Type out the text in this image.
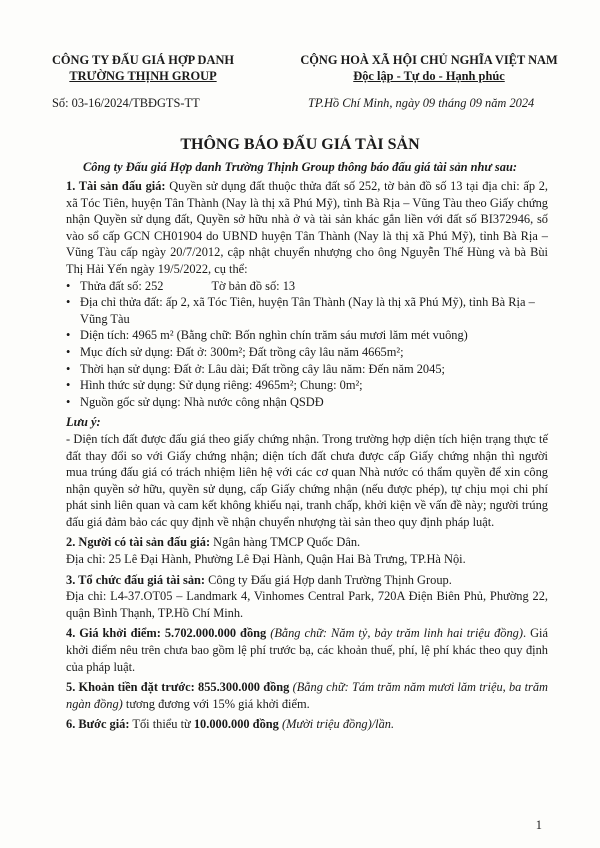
CÔNG TY ĐẤU GIÁ HỢP DANH
TRƯỜNG THỊNH GROUP
CỘNG HOÀ XÃ HỘI CHỦ NGHĨA VIỆT NAM
Độc lập - Tự do - Hạnh phúc
Số: 03-16/2024/TBĐGTS-TT	TP.Hồ Chí Minh, ngày 09 tháng 09 năm 2024
THÔNG BÁO ĐẤU GIÁ TÀI SẢN
Công ty Đấu giá Hợp danh Trường Thịnh Group thông báo đấu giá tài sản như sau:

1. Tài sản đấu giá: Quyền sử dụng đất thuộc thửa đất số 252, tờ bản đồ số 13 tại địa chỉ: ấp 2, xã Tóc Tiên, huyện Tân Thành (Nay là thị xã Phú Mỹ), tỉnh Bà Rịa – Vũng Tàu theo Giấy chứng nhận Quyền sử dụng đất, Quyền sở hữu nhà ở và tài sản khác gắn liền với đất số BI372946, số vào sổ cấp GCN CH01904 do UBND huyện Tân Thành (Nay là thị xã Phú Mỹ), tỉnh Bà Rịa – Vũng Tàu cấp ngày 20/7/2012, cập nhật chuyển nhượng cho ông Nguyễn Thế Hùng và bà Bùi Thị Hải Yến ngày 19/5/2022, cụ thể:

• Thửa đất số: 252	Tờ bản đồ số: 13
• Địa chỉ thửa đất: ấp 2, xã Tóc Tiên, huyện Tân Thành (Nay là thị xã Phú Mỹ), tỉnh Bà Rịa – Vũng Tàu
• Diện tích: 4965 m² (Bằng chữ: Bốn nghìn chín trăm sáu mươi lăm mét vuông)
• Mục đích sử dụng: Đất ở: 300m²; Đất trồng cây lâu năm 4665m²;
• Thời hạn sử dụng: Đất ở: Lâu dài; Đất trồng cây lâu năm: Đến năm 2045;
• Hình thức sử dụng: Sử dụng riêng: 4965m²; Chung: 0m²;
• Nguồn gốc sử dụng: Nhà nước công nhận QSDĐ

Lưu ý:

- Diện tích đất được đấu giá theo giấy chứng nhận. Trong trường hợp diện tích hiện trạng thực tế đất thay đổi so với Giấy chứng nhận; diện tích đất chưa được cấp Giấy chứng nhận thì người mua trúng đấu giá có trách nhiệm liên hệ với các cơ quan Nhà nước có thẩm quyền để xin công nhận quyền sở hữu, quyền sử dụng, cấp Giấy chứng nhận (nếu được phép), tự chịu mọi chi phí phát sinh liên quan và cam kết không khiếu nại, tranh chấp, khởi kiện về vấn đề này; người trúng đấu giá đảm bảo các quy định về nhận chuyển nhượng tài sản theo quy định pháp luật.

2. Người có tài sản đấu giá: Ngân hàng TMCP Quốc Dân.

Địa chỉ: 25 Lê Đại Hành, Phường Lê Đại Hành, Quận Hai Bà Trưng, TP.Hà Nội.

3. Tổ chức đấu giá tài sản: Công ty Đấu giá Hợp danh Trường Thịnh Group.

Địa chỉ: L4-37.OT05 – Landmark 4, Vinhomes Central Park, 720A Điện Biên Phủ, Phường 22, quận Bình Thạnh, TP.Hồ Chí Minh.

4. Giá khởi điểm: 5.702.000.000 đồng (Bằng chữ: Năm tỷ, bảy trăm linh hai triệu đồng). Giá khởi điểm nêu trên chưa bao gồm lệ phí trước bạ, các khoản thuế, phí, lệ phí khác theo quy định của pháp luật.

5. Khoản tiền đặt trước: 855.300.000 đồng (Bằng chữ: Tám trăm năm mươi lăm triệu, ba trăm ngàn đồng) tương đương với 15% giá khởi điểm.

6. Bước giá: Tối thiểu từ 10.000.000 đồng (Mười triệu đồng)/lần.

1
